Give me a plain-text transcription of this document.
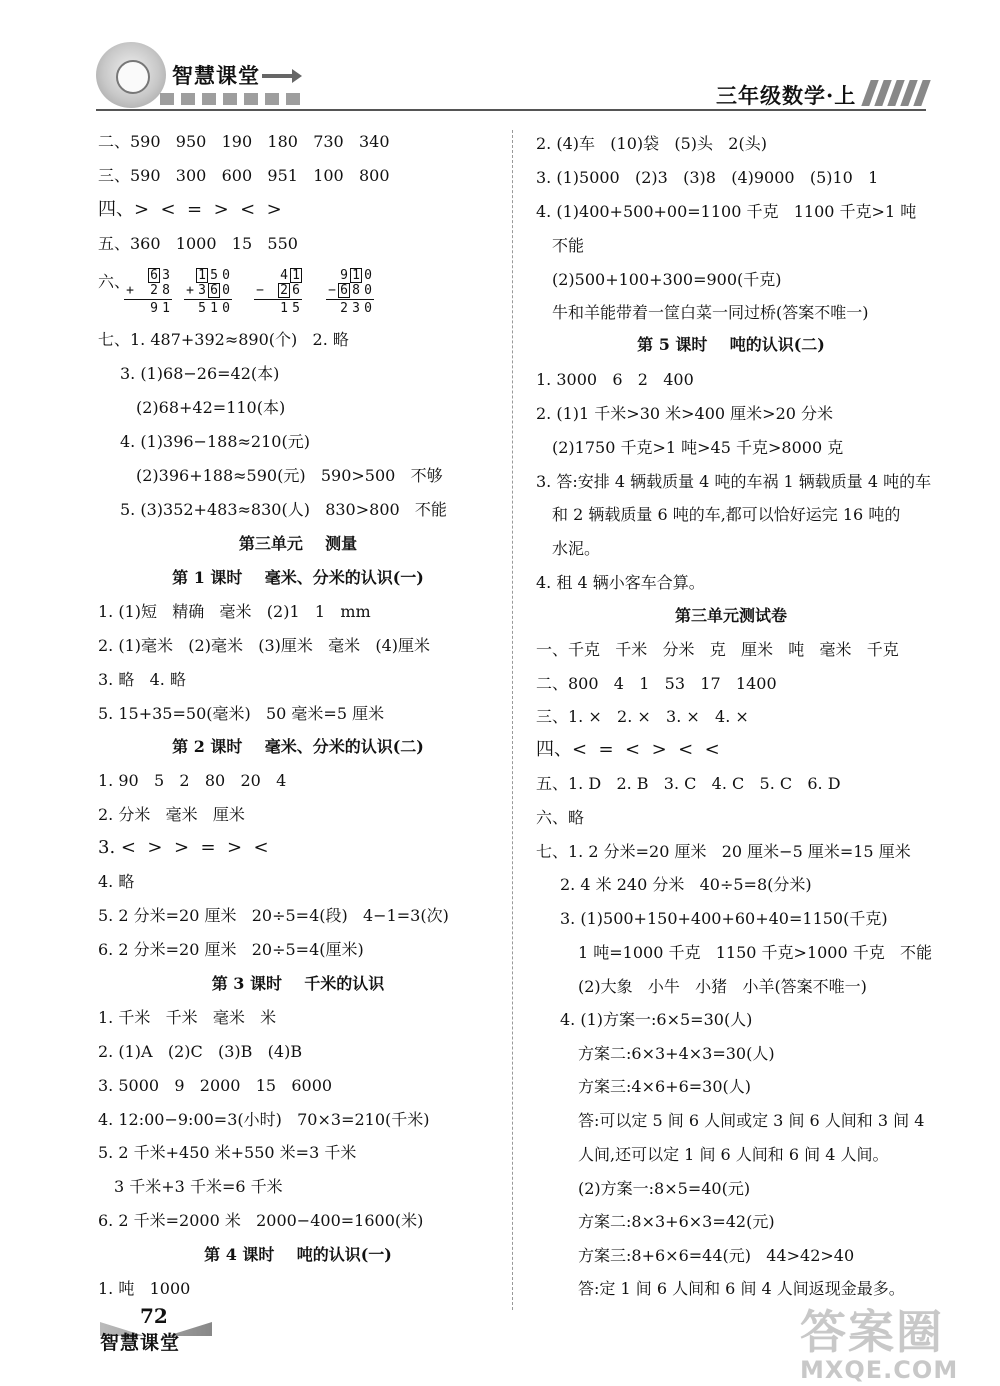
智慧课堂
三年级数学·上
二、590   950   190   180   730   340
三、590   300   600   951   100   800
四、>  <  =  >  <  >
五、360   1000   15   550
六、 6 3
+ 2 8
9 1
1 5 0
+ 3 6 0
5 1 0
4 1
− 2 6
1 5
9 1 0
− 6 8 0
2 3 0
七、1. 487+392≈890(个)   2. 略
3. (1)68−26=42(本)
(2)68+42=110(本)
4. (1)396−188≈210(元)
(2)396+188≈590(元)   590>500   不够
5. (3)352+483≈830(人)   830>800   不能
第三单元    测量
第 1 课时    毫米、分米的认识(一)
1. (1)短   精确   毫米   (2)1   1   mm
2. (1)毫米   (2)毫米   (3)厘米   毫米   (4)厘米
3. 略   4. 略
5. 15+35=50(毫米)   50 毫米=5 厘米
第 2 课时    毫米、分米的认识(二)
1. 90   5   2   80   20   4
2. 分米   毫米   厘米
3. <  >  >  =  >  <
4. 略
5. 2 分米=20 厘米   20÷5=4(段)   4−1=3(次)
6. 2 分米=20 厘米   20÷5=4(厘米)
第 3 课时    千米的认识
1. 千米   千米   毫米   米
2. (1)A   (2)C   (3)B   (4)B
3. 5000   9   2000   15   6000
4. 12:00−9:00=3(小时)   70×3=210(千米)
5. 2 千米+450 米+550 米=3 千米
3 千米+3 千米=6 千米
6. 2 千米=2000 米   2000−400=1600(米)
第 4 课时    吨的认识(一)
1. 吨   1000
2. (4)车   (10)袋   (5)头   2(头)
3. (1)5000   (2)3   (3)8   (4)9000   (5)10   1
4. (1)400+500+00=1100 千克   1100 千克>1 吨
不能
(2)500+100+300=900(千克)
牛和羊能带着一筐白菜一同过桥(答案不唯一)
第 5 课时    吨的认识(二)
1. 3000   6   2   400
2. (1)1 千米>30 米>400 厘米>20 分米
(2)1750 千克>1 吨>45 千克>8000 克
3. 答:安排 4 辆载质量 4 吨的车祸 1 辆载质量 4 吨的车
和 2 辆载质量 6 吨的车,都可以恰好运完 16 吨的
水泥。
4. 租 4 辆小客车合算。
第三单元测试卷
一、千克   千米   分米   克   厘米   吨   毫米   千克
二、800   4   1   53   17   1400
三、1. ×   2. ×   3. ×   4. ×
四、<  =  <  >  <  <
五、1. D   2. B   3. C   4. C   5. C   6. D
六、略
七、1. 2 分米=20 厘米   20 厘米−5 厘米=15 厘米
2. 4 米 240 分米   40÷5=8(分米)
3. (1)500+150+400+60+40=1150(千克)
1 吨=1000 千克   1150 千克>1000 千克   不能
(2)大象   小牛   小猪   小羊(答案不唯一)
4. (1)方案一:6×5=30(人)
方案二:6×3+4×3=30(人)
方案三:4×6+6=30(人)
答:可以定 5 间 6 人间或定 3 间 6 人间和 3 间 4
人间,还可以定 1 间 6 人间和 6 间 4 人间。
(2)方案一:8×5=40(元)
方案二:8×3+6×3=42(元)
方案三:8+6×6=44(元)   44>42>40
答:定 1 间 6 人间和 6 间 4 人间返现金最多。
72
智慧课堂	答案圈
MXQE.COM
